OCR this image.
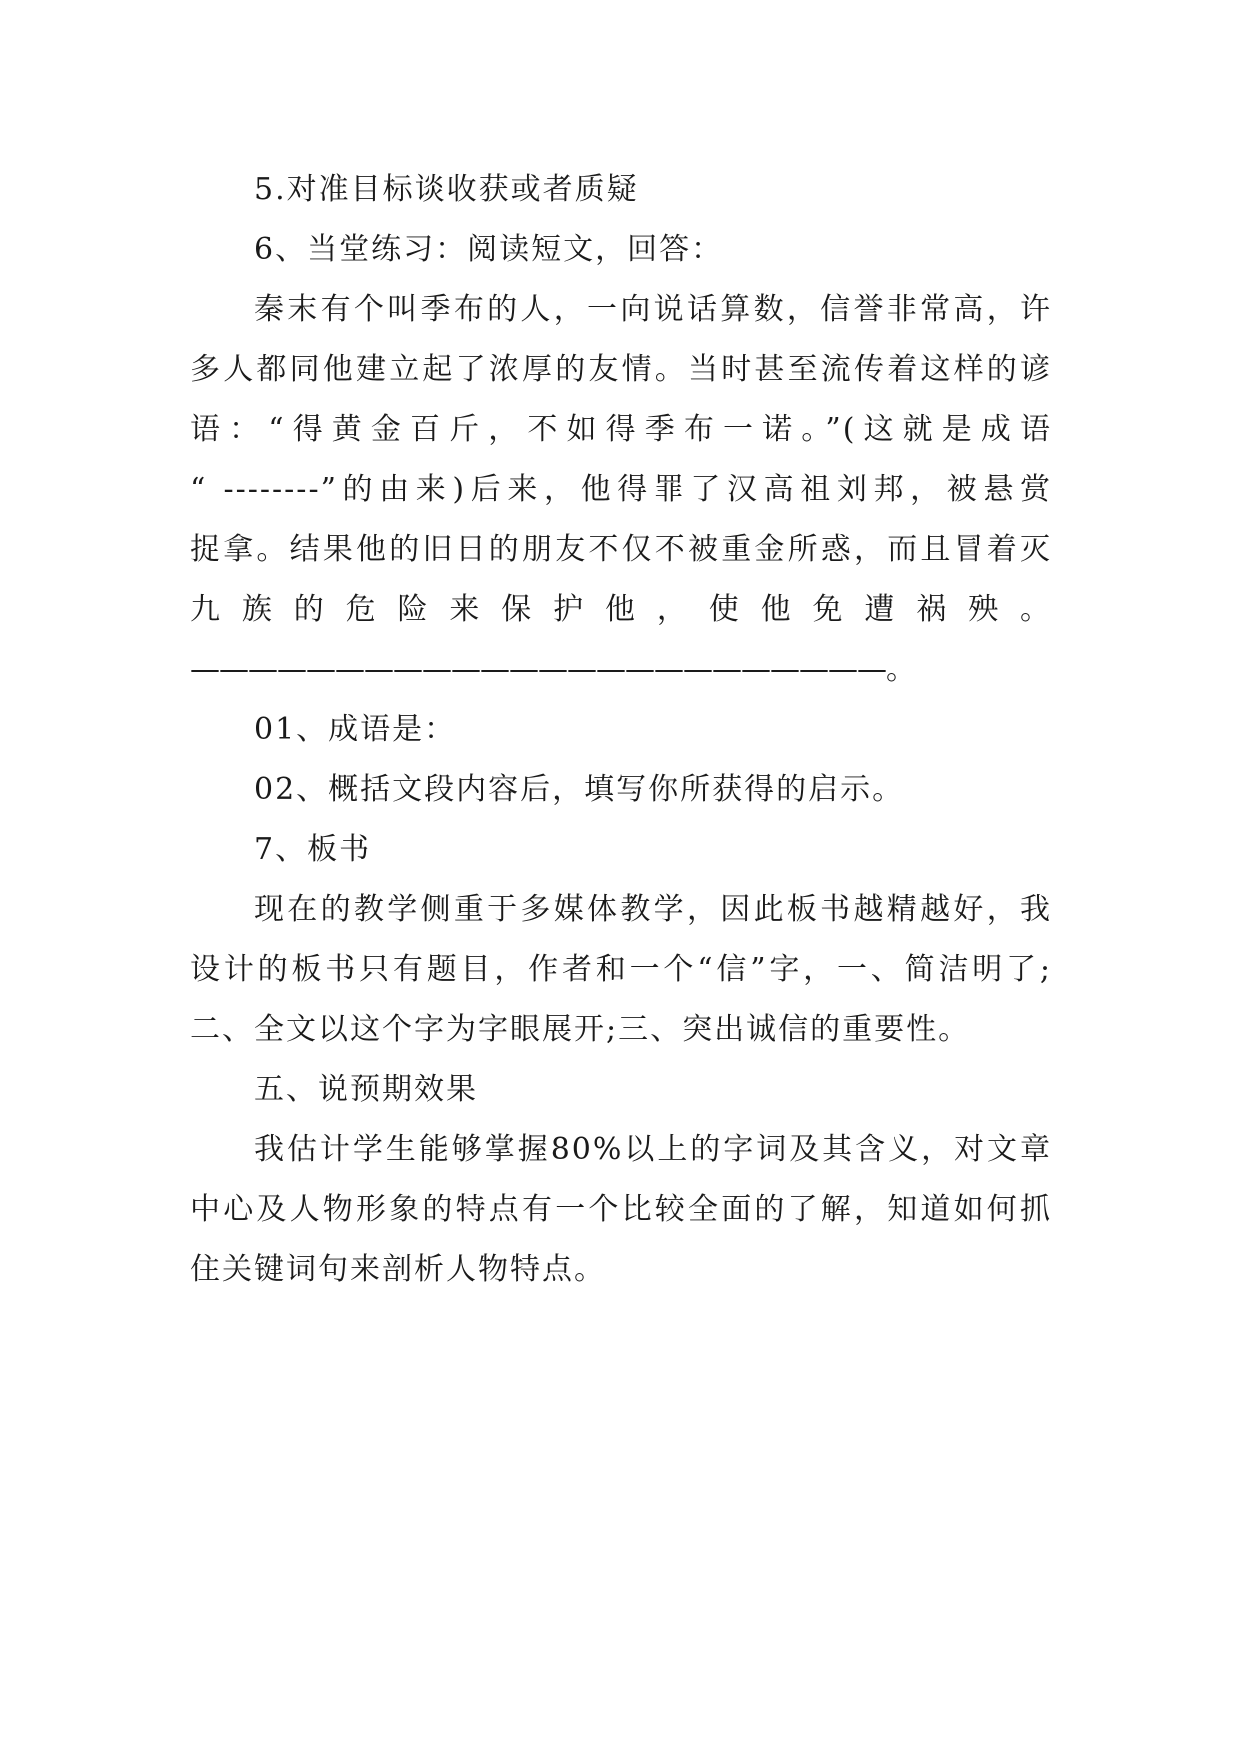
5.对准目标谈收获或者质疑
6、当堂练习：阅读短文，回答：
秦末有个叫季布的人，一向说话算数，信誉非常高，许
多人都同他建立起了浓厚的友情。当时甚至流传着这样的谚
语：“得黄金百斤，不如得季布一诺。”(这就是成语
“ --------”的由来)后来，他得罪了汉高祖刘邦，被悬赏
捉拿。结果他的旧日的朋友不仅不被重金所惑，而且冒着灭
九族的危险来保护他，使他免遭祸殃。
————————————————————————。
01、成语是：
02、概括文段内容后，填写你所获得的启示。
7、板书
现在的教学侧重于多媒体教学，因此板书越精越好，我
设计的板书只有题目，作者和一个“信”字，一、简洁明了;
二、全文以这个字为字眼展开;三、突出诚信的重要性。
五、说预期效果
我估计学生能够掌握80%以上的字词及其含义，对文章
中心及人物形象的特点有一个比较全面的了解，知道如何抓
住关键词句来剖析人物特点。
